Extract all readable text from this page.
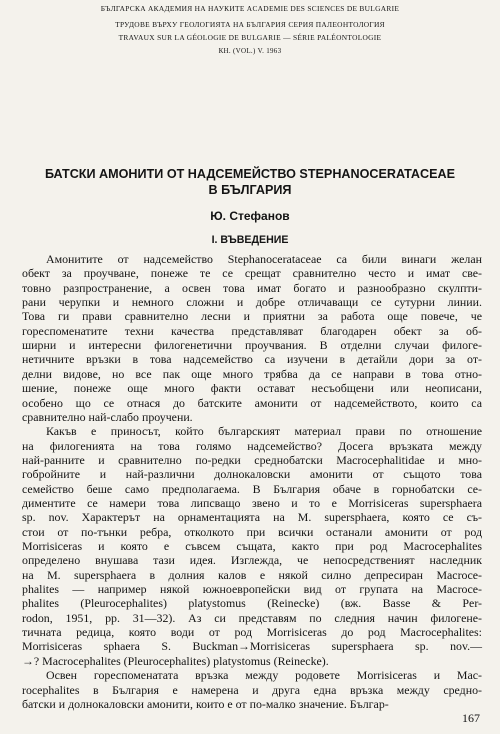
БЪЛГАРСКА АКАДЕМИЯ НА НАУКИТЕ ACADEMIE DES SCIENCES DE BULGARIE
ТРУДОВЕ ВЪРХУ ГЕОЛОГИЯТА НА БЪЛГАРИЯ СЕРИЯ ПАЛЕОНТОЛОГИЯ
TRAVAUX SUR LA GÉOLOGIE DE BULGARIE — SÉRIE PALÉONTOLOGIE
КН. (VOL.) V. 1963
БАТСКИ АМОНИТИ ОТ НАДСЕМЕЙСТВО STEPHANOCERATACEAE
В БЪЛГАРИЯ
Ю. Стефанов
I. ВЪВЕДЕНИЕ
Амонитите от надсемейство Stephanocerataceae са били винаги желан
обект за проучване, понеже те се срещат сравнително често и имат све-
товно разпространение, а освен това имат богато и разнообразно скулпти-
рани черупки и немного сложни и добре отличаващи се сутурни линии.
Това ги прави сравнително лесни и приятни за работа още повече, че
гореспоменатите техни качества представляват благодарен обект за об-
ширни и интересни филогенетични проучвания. В отделни случаи филоге-
нетичните връзки в това надсемейство са изучени в детайли дори за от-
делни видове, но все пак още много трябва да се направи в това отно-
шение, понеже още много факти остават несъобщени или неописани,
особено що се отнася до батските амонити от надсемейството, които са
сравнително най-слабо проучени.
Какъв е приносът, който българският материал прави по отношение
на филогенията на това голямо надсемейство? Досега връзката между
най-ранните и сравнително по-редки среднобатски Macrocephalitidae и мно-
гобройните и най-различни долнокаловски амонити от същото това
семейство беше само предполагаема. В България обаче в горнобатски се-
диментите се намери това липсващо звено и то е Morrisiceras supersphaera
sp. nov. Характерът на орнаментацията на M. supersphaera, която се съ-
стои от по-тънки ребра, отколкото при всички останали амонити от род
Morrisiceras и която е съвсем същата, както при род Macrocephalites
определено внушава тази идея. Изглежда, че непосредственият наследник
на M. supersphaera в долния калов е някой силно депресиран Macroce-
phalites — например някой южноевропейски вид от групата на Macroce-
phalites (Pleurocephalites) platystomus (Reinecke) (вж. Basse & Per-
rodon, 1951, pp. 31—32). Аз си представям по следния начин филогене-
тичната редица, която води от род Morrisiceras до род Macrocephalites:
Morrisiceras sphaera S. Buckman→Morrisiceras supersphaera sp. nov.—
→? Macrocephalites (Pleurocephalites) platystomus (Reinecke).
Освен гореспоменатата връзка между родовете Morrisiceras и Mac-
rocephalites в България е намерена и друга една връзка между средно-
батски и долнокаловски амонити, които е от по-малко значение. Българ-
167
